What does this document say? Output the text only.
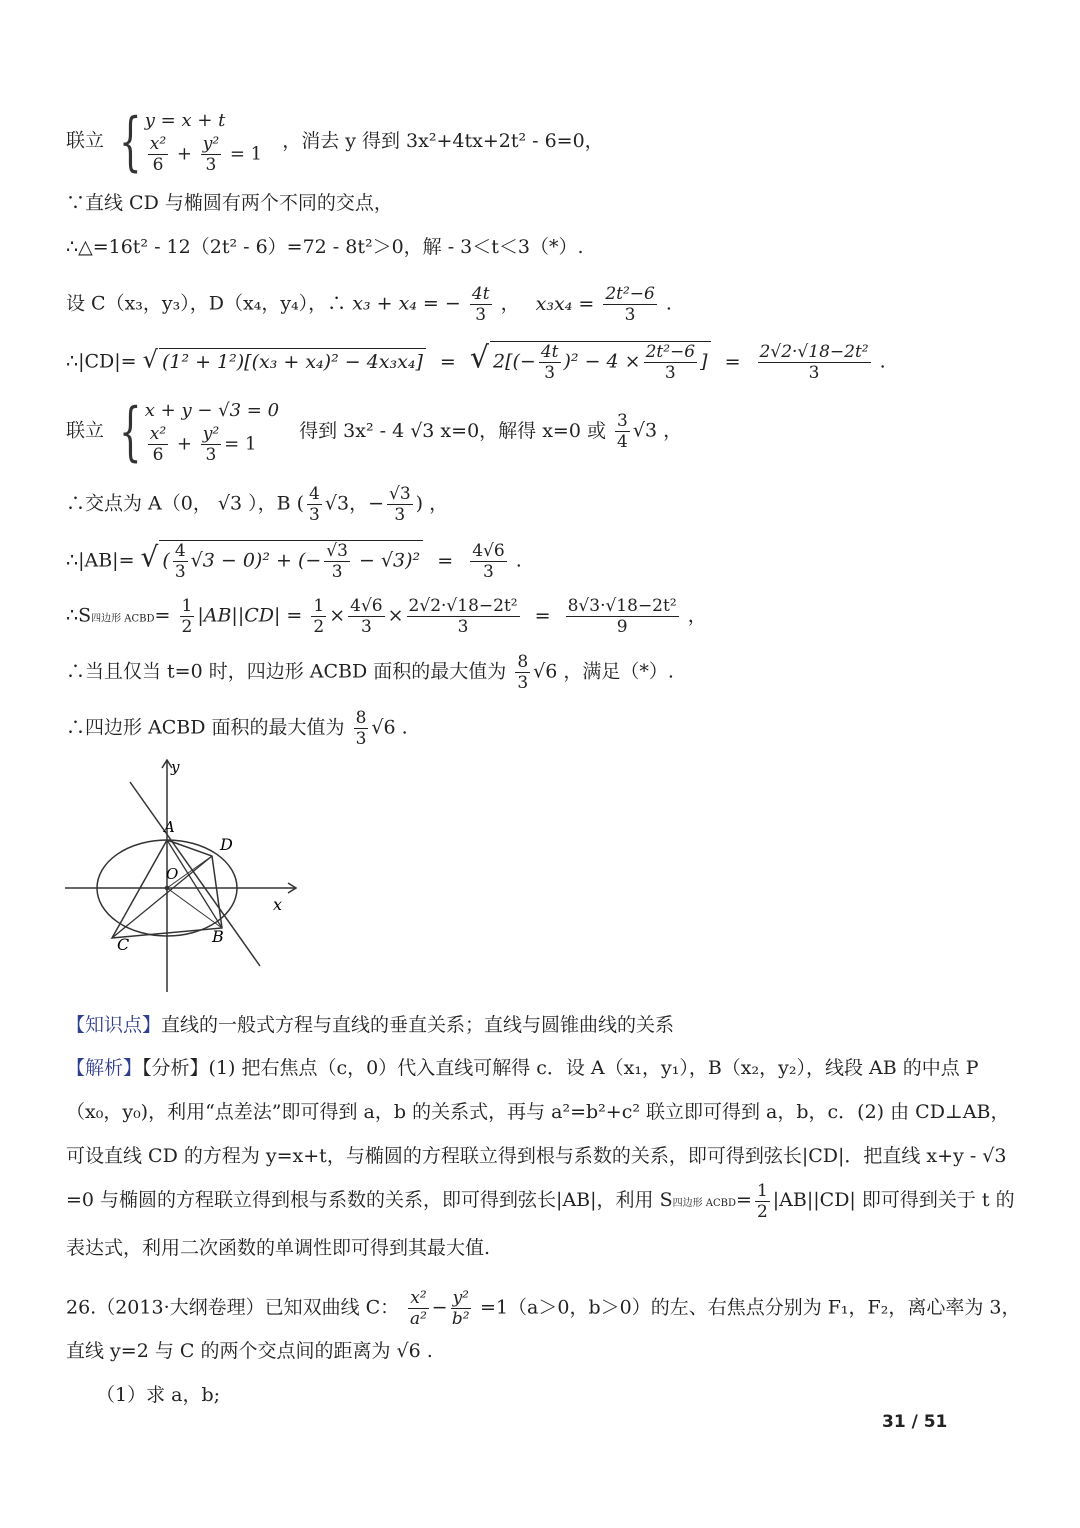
联立 { y = x + t
$\frac{\text{x²}}{6} + \frac{\text{y²}}{3} = 1$
，消去 y 得到 3x²+4tx+2t² - 6=0，
∵直线 CD 与椭圆有两个不同的交点，
∴△=16t² - 12（2t² - 6）=72 - 8t²＞0，解 - 3＜t＜3（*）.
设 C（x₃，y₃），D（x₄，y₄），∴ x₃ + x₄ = − $\frac{4t}{3}$ ， $x_3x_4 = \frac{\text{2t²−6}}{3}$ .
∴|CD|= √ (1² + 1²)[(x₃ + x₄)² − 4x₃x₄] = √ $2[(- \frac{4t}{3} )^2 - 4 \times \frac{\text{2t²−6}}{3}$ ] = $\frac{\text{2√2·√18−2t²}}{3}$ .
联立 { x + y − √3 = 0
$\frac{\text{x²}}{6} + \frac{\text{y²}}{3} = 1$
得到 3x² - 4 √3 x=0，解得 x=0 或 $\frac{3}{4} √3$ ，
∴交点为 A（0， √3 ），B ( $\frac{4}{3} √3$，− $\frac{√3}{3}$ ) ，
∴|AB|= √ ( $\frac{4}{3} √3 - 0)^2$ + (− $\frac{√3}{3} - √3)^2 = \frac{4√6}{3}$ .
∴S四边形 ACBD= $\frac{1}{2} |AB||CD| = \frac{1}{2} \times \frac{4√6}{3} \times \frac{\text{2√2·√18−2t²}}{3} = \frac{\text{8√3·√18−2t²}}{9}$ ，
∴当且仅当 t=0 时，四边形 ACBD 面积的最大值为 $\frac{8}{3} √6$ ，满足（*）.
∴四边形 ACBD 面积的最大值为 $\frac{8}{3} √6$ .
y
x
A
D
O
B
C
【知识点】直线的一般式方程与直线的垂直关系；直线与圆锥曲线的关系
【解析】【分析】(1) 把右焦点（c，0）代入直线可解得 c．设 A（x₁，y₁），B（x₂，y₂），线段 AB 的中点 P（x₀，y₀)，利用“点差法”即可得到 a，b 的关系式，再与 a²=b²+c² 联立即可得到 a，b，c．(2) 由 CD⊥AB，可设直线 CD 的方程为 y=x+t，与椭圆的方程联立得到根与系数的关系，即可得到弦长|CD|．把直线 x+y - √3 =0 与椭圆的方程联立得到根与系数的关系，即可得到弦长|AB|，利用 S四边形 ACBD= $\frac{1}{2} |AB||CD|$ 即可得到关于 t 的表达式，利用二次函数的单调性即可得到其最大值.
26.（2013·大纲卷理）已知双曲线 C： $\frac{\text{x²}}{\text{a²}} - \frac{\text{y²}}{\text{b²}} =1(a>0$，b＞0）的左、右焦点分别为 F₁，F₂，离心率为 3，
直线 y=2 与 C 的两个交点间的距离为 √6 .
（1）求 a，b;
31 / 51
